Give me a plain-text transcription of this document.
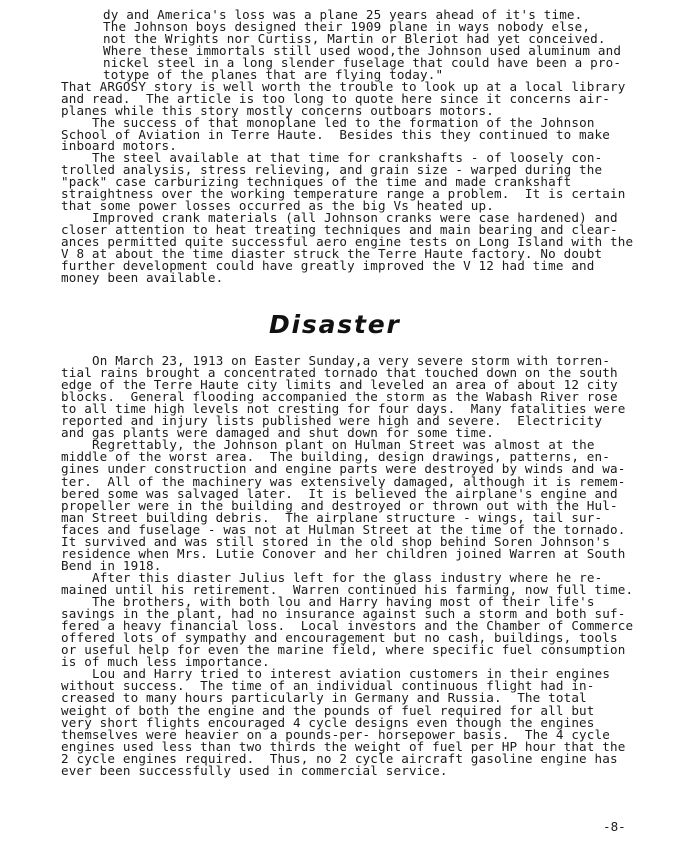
dy and America's loss was a plane 25 years ahead of it's time.
The Johnson boys designed their 1909 plane in ways nobody else,
not the Wrights nor Curtiss, Martin or Bleriot had yet conceived.
Where these immortals still used wood,the Johnson used aluminum and
nickel steel in a long slender fuselage that could have been a pro-
totype of the planes that are flying today."
That ARGOSY story is well worth the trouble to look up at a local library
and read.  The article is too long to quote here since it concerns air-
planes while this story mostly concerns outboars motors.
The success of that monoplane led to the formation of the Johnson
School of Aviation in Terre Haute.  Besides this they continued to make
inboard motors.
The steel available at that time for crankshafts - of loosely con-
trolled analysis, stress relieving, and grain size - warped during the
"pack" case carburizing techniques of the time and made crankshaft
straightness over the working temperature range a problem.  It is certain
that some power losses occurred as the big Vs heated up.
Improved crank materials (all Johnson cranks were case hardened) and
closer attention to heat treating techniques and main bearing and clear-
ances permitted quite successful aero engine tests on Long Island with the
V 8 at about the time diaster struck the Terre Haute factory. No doubt
further development could have greatly improved the V 12 had time and
money been available.
Disaster
On March 23, 1913 on Easter Sunday,a very severe storm with torren-
tial rains brought a concentrated tornado that touched down on the south
edge of the Terre Haute city limits and leveled an area of about 12 city
blocks.  General flooding accompanied the storm as the Wabash River rose
to all time high levels not cresting for four days.  Many fatalities were
reported and injury lists published were high and severe.  Electricity
and gas plants were damaged and shut down for some time.
Regrettably, the Johnson plant on Hulman Street was almost at the
middle of the worst area.  The building, design drawings, patterns, en-
gines under construction and engine parts were destroyed by winds and wa-
ter.  All of the machinery was extensively damaged, although it is remem-
bered some was salvaged later.  It is believed the airplane's engine and
propeller were in the building and destroyed or thrown out with the Hul-
man Street building debris.  The airplane structure - wings, tail sur-
faces and fuselage - was not at Hulman Street at the time of the tornado.
It survived and was still stored in the old shop behind Soren Johnson's
residence when Mrs. Lutie Conover and her children joined Warren at South
Bend in 1918.
After this diaster Julius left for the glass industry where he re-
mained until his retirement.  Warren continued his farming, now full time.
The brothers, with both lou and Harry having most of their life's
savings in the plant, had no insurance against such a storm and both suf-
fered a heavy financial loss.  Local investors and the Chamber of Commerce
offered lots of sympathy and encouragement but no cash, buildings, tools
or useful help for even the marine field, where specific fuel consumption
is of much less importance.
Lou and Harry tried to interest aviation customers in their engines
without success.  The time of an individual continuous flight had in-
creased to many hours particularly in Germany and Russia.  The total
weight of both the engine and the pounds of fuel required for all but
very short flights encouraged 4 cycle designs even though the engines
themselves were heavier on a pounds-per- horsepower basis.  The 4 cycle
engines used less than two thirds the weight of fuel per HP hour that the
2 cycle engines required.  Thus, no 2 cycle aircraft gasoline engine has
ever been successfully used in commercial service.
-8-
